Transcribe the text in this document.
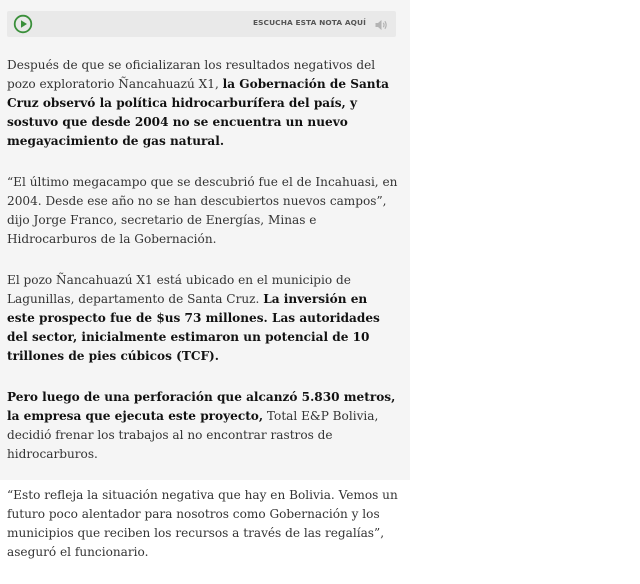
ESCUCHA ESTA NOTA AQUÍ

Después de que se oficializaran los resultados negativos del pozo exploratorio Ñancahuazú X1, la Gobernación de Santa Cruz observó la política hidrocarburífera del país, y sostuvo que desde 2004 no se encuentra un nuevo megayacimiento de gas natural.

“El último megacampo que se descubrió fue el de Incahuasi, en 2004. Desde ese año no se han descubiertos nuevos campos”, dijo Jorge Franco, secretario de Energías, Minas e Hidrocarburos de la Gobernación.

El pozo Ñancahuazú X1 está ubicado en el municipio de Lagunillas, departamento de Santa Cruz. La inversión en este prospecto fue de $us 73 millones. Las autoridades del sector, inicialmente estimaron un potencial de 10 trillones de pies cúbicos (TCF).

Pero luego de una perforación que alcanzó 5.830 metros, la empresa que ejecuta este proyecto, Total E&P Bolivia, decidió frenar los trabajos al no encontrar rastros de hidrocarburos.

“Esto refleja la situación negativa que hay en Bolivia. Vemos un futuro poco alentador para nosotros como Gobernación y los municipios que reciben los recursos a través de las regalías”, aseguró el funcionario.
